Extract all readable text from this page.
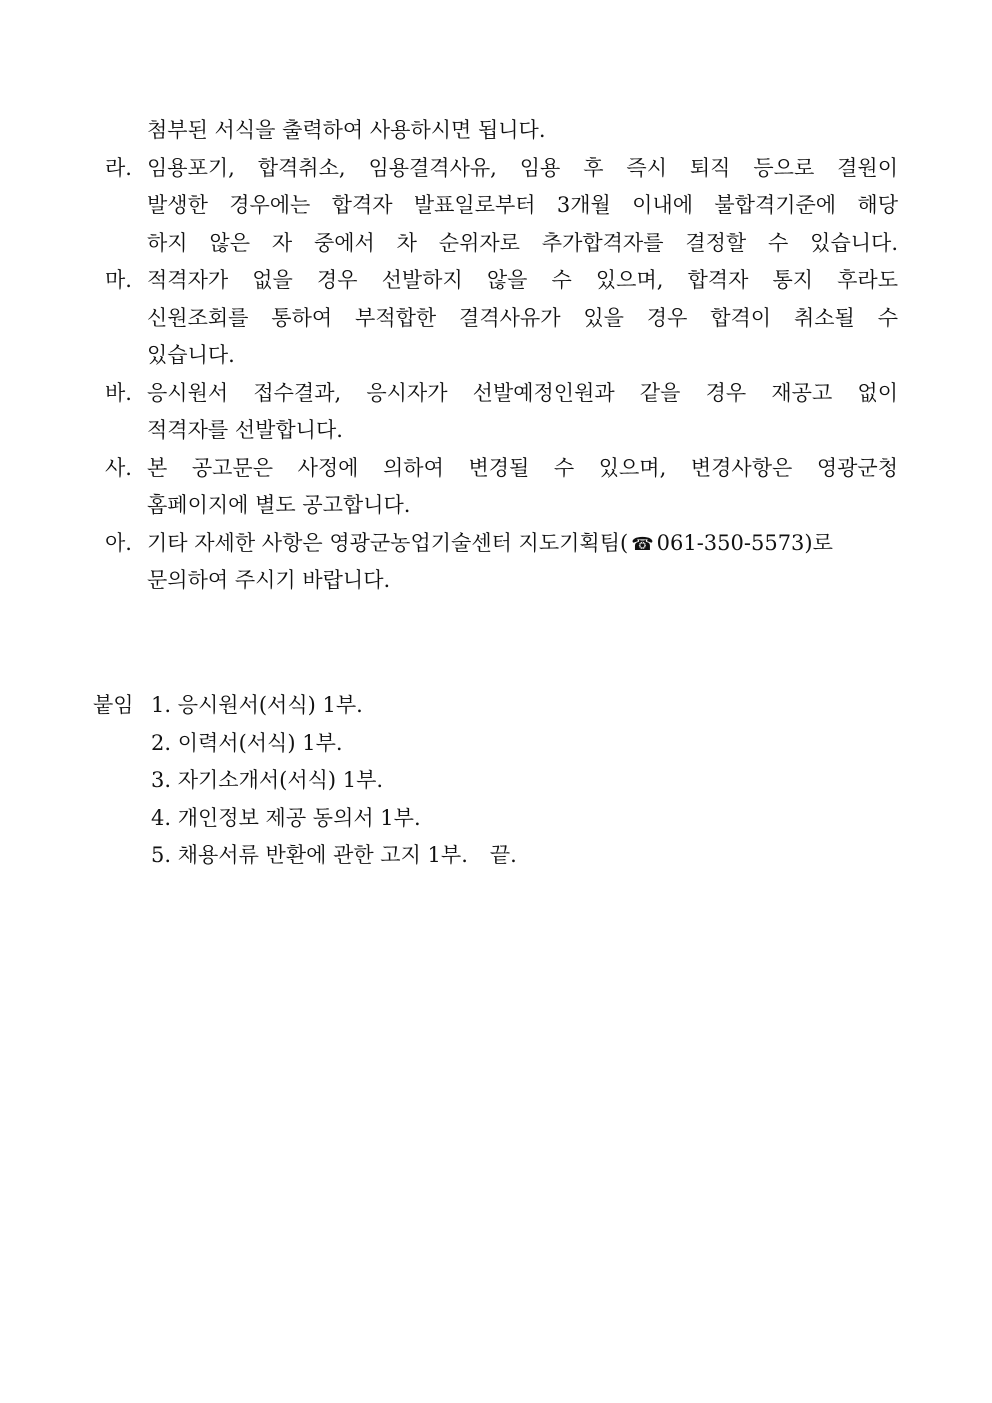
첨부된 서식을 출력하여 사용하시면 됩니다.
라. 임용포기, 합격취소, 임용결격사유, 임용 후 즉시 퇴직 등으로 결원이
발생한 경우에는 합격자 발표일로부터 3개월 이내에 불합격기준에 해당
하지 않은 자 중에서 차 순위자로 추가합격자를 결정할 수 있습니다.
마. 적격자가 없을 경우 선발하지 않을 수 있으며, 합격자 통지 후라도
신원조회를 통하여 부적합한 결격사유가 있을 경우 합격이 취소될 수
있습니다.
바. 응시원서 접수결과, 응시자가 선발예정인원과 같을 경우 재공고 없이
적격자를 선발합니다.
사. 본 공고문은 사정에 의하여 변경될 수 있으며, 변경사항은 영광군청
홈페이지에 별도 공고합니다.
아. 기타 자세한 사항은 영광군농업기술센터 지도기획팀( ☎ 061-350-5573)로
문의하여 주시기 바랍니다.
붙임 1. 응시원서(서식) 1부.
2. 이력서(서식) 1부.
3. 자기소개서(서식) 1부.
4. 개인정보 제공 동의서 1부.
5. 채용서류 반환에 관한 고지 1부. 끝.
